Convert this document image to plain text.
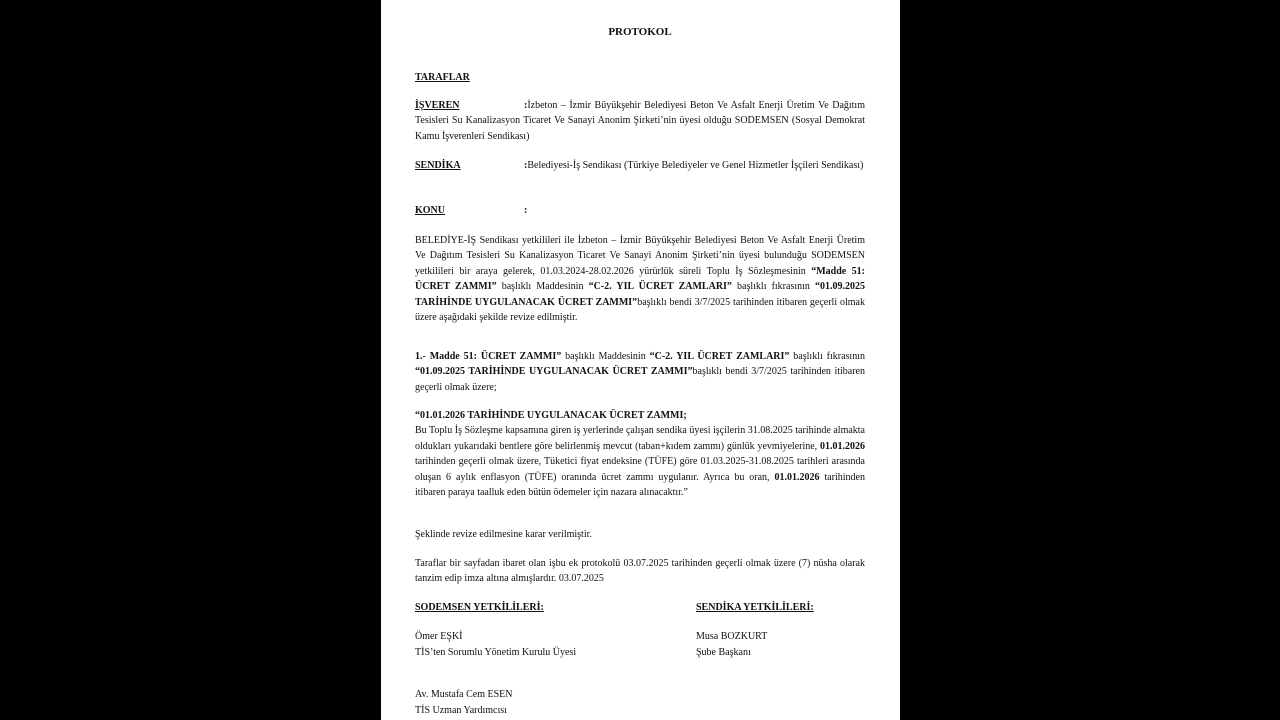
PROTOKOL
TARAFLAR
İŞVEREN	:İzbeton – İzmir Büyükşehir Belediyesi Beton Ve Asfalt Enerji Üretim Ve Dağıtım Tesisleri Su Kanalizasyon Ticaret Ve Sanayi Anonim Şirketi’nin üyesi olduğu SODEMSEN (Sosyal Demokrat Kamu İşverenleri Sendikası)
SENDİKA	:Belediyesi-İş Sendikası (Türkiye Belediyeler ve Genel Hizmetler İşçileri Sendikası)
KONU	:
BELEDİYE-İŞ Sendikası yetkilileri ile İzbeton – İzmir Büyükşehir Belediyesi Beton Ve Asfalt Enerji Üretim Ve Dağıtım Tesisleri Su Kanalizasyon Ticaret Ve Sanayi Anonim Şirketi’nin üyesi bulunduğu SODEMSEN yetkilileri bir araya gelerek, 01.03.2024-28.02.2026 yürürlük süreli Toplu İş Sözleşmesinin “Madde 51: ÜCRET ZAMMI” başlıklı Maddesinin “C-2. YIL ÜCRET ZAMLARI” başlıklı fıkrasının “01.09.2025 TARİHİNDE UYGULANACAK ÜCRET ZAMMI”başlıklı bendi 3/7/2025 tarihinden itibaren geçerli olmak üzere aşağıdaki şekilde revize edilmiştir.
1.- Madde 51: ÜCRET ZAMMI” başlıklı Maddesinin “C-2. YIL ÜCRET ZAMLARI” başlıklı fıkrasının “01.09.2025 TARİHİNDE UYGULANACAK ÜCRET ZAMMI”başlıklı bendi 3/7/2025 tarihinden itibaren geçerli olmak üzere;
“01.01.2026 TARİHİNDE UYGULANACAK ÜCRET ZAMMI;
Bu Toplu İş Sözleşme kapsamına giren iş yerlerinde çalışan sendika üyesi işçilerin 31.08.2025 tarihinde almakta oldukları yukarıdaki bentlere göre belirlenmiş mevcut (taban+kıdem zammı) günlük yevmiyelerine, 01.01.2026 tarihinden geçerli olmak üzere, Tüketici fiyat endeksine (TÜFE) göre 01.03.2025-31.08.2025 tarihleri arasında oluşan 6 aylık enflasyon (TÜFE) oranında ücret zammı uygulanır. Ayrıca bu oran, 01.01.2026 tarihinden itibaren paraya taalluk eden bütün ödemeler için nazara alınacaktır.”
Şeklinde revize edilmesine karar verilmiştir.
Taraflar bir sayfadan ibaret olan işbu ek protokolü 03.07.2025 tarihinden geçerli olmak üzere (7) nüsha olarak tanzim edip imza altına almışlardır. 03.07.2025
SODEMSEN YETKİLİLERİ:
Ömer EŞKİ
TİS’ten Sorumlu Yönetim Kurulu Üyesi
Av. Mustafa Cem ESEN
TİS Uzman Yardımcısı
SENDİKA YETKİLİLERİ:
Musa BOZKURT
Şube Başkanı
